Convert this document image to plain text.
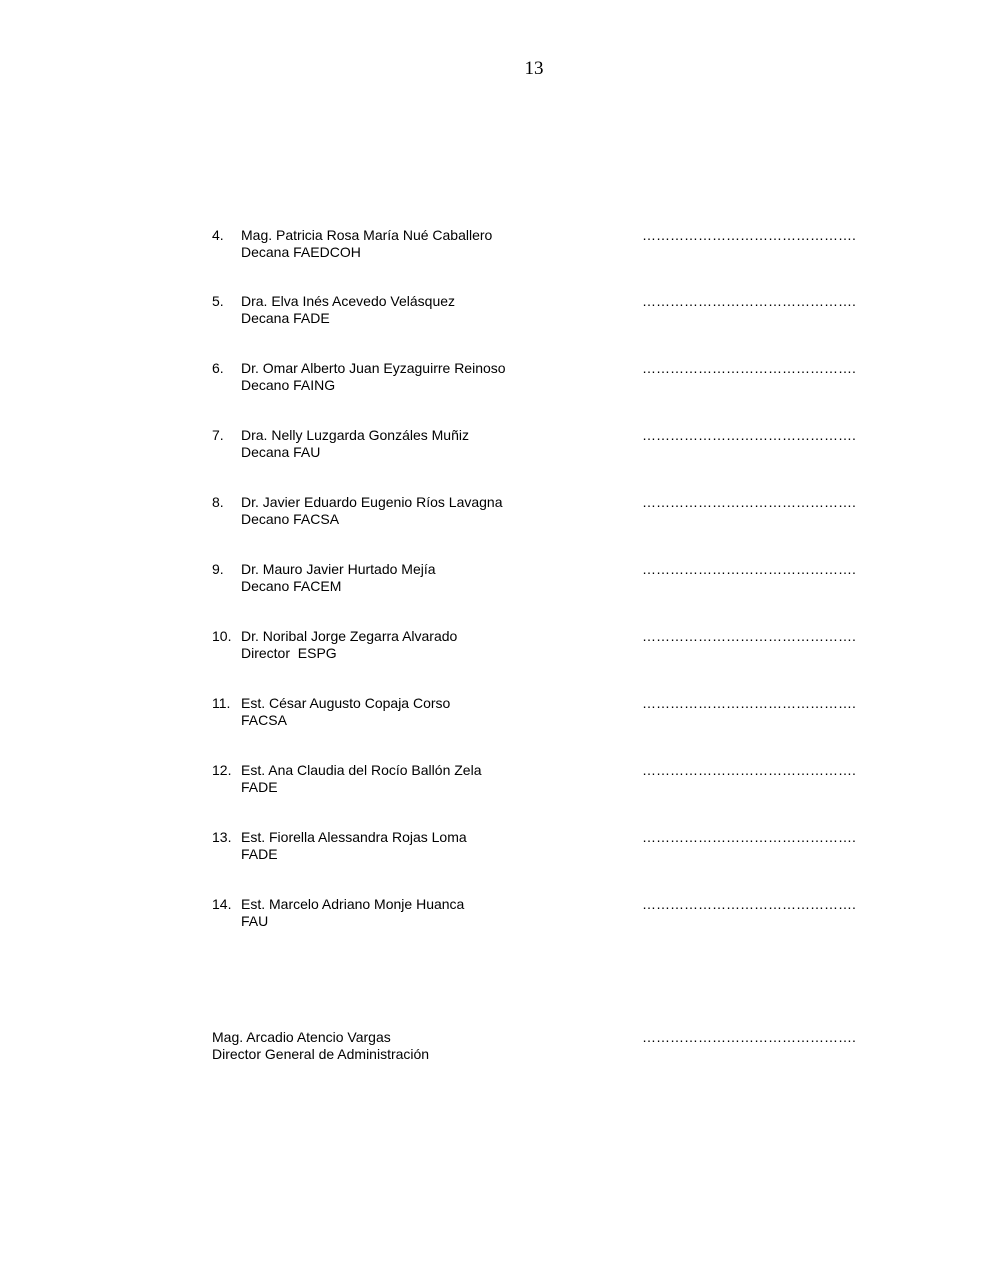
13
4.	Mag. Patricia Rosa María Nué Caballero
Decana FAEDCOH
……………………………………….
5.	Dra. Elva Inés Acevedo Velásquez
Decana FADE
……………………………………….
6.	Dr. Omar Alberto Juan Eyzaguirre Reinoso
Decano FAING
……………………………………….
7.	Dra. Nelly Luzgarda Gonzáles Muñiz
Decana FAU
……………………………………….
8.	Dr. Javier Eduardo Eugenio Ríos Lavagna
Decano FACSA
……………………………………….
9.	Dr. Mauro Javier Hurtado Mejía
Decano FACEM
……………………………………….
10. Dr. Noribal Jorge Zegarra Alvarado
Director  ESPG
……………………………………….
11. Est. César Augusto Copaja Corso
FACSA
……………………………………….
12. Est. Ana Claudia del Rocío Ballón Zela
FADE
……………………………………….
13. Est. Fiorella Alessandra Rojas Loma
FADE
……………………………………….
14. Est. Marcelo Adriano Monje Huanca
FAU
……………………………………….
Mag. Arcadio Atencio Vargas
Director General de Administración
……………………………………….
